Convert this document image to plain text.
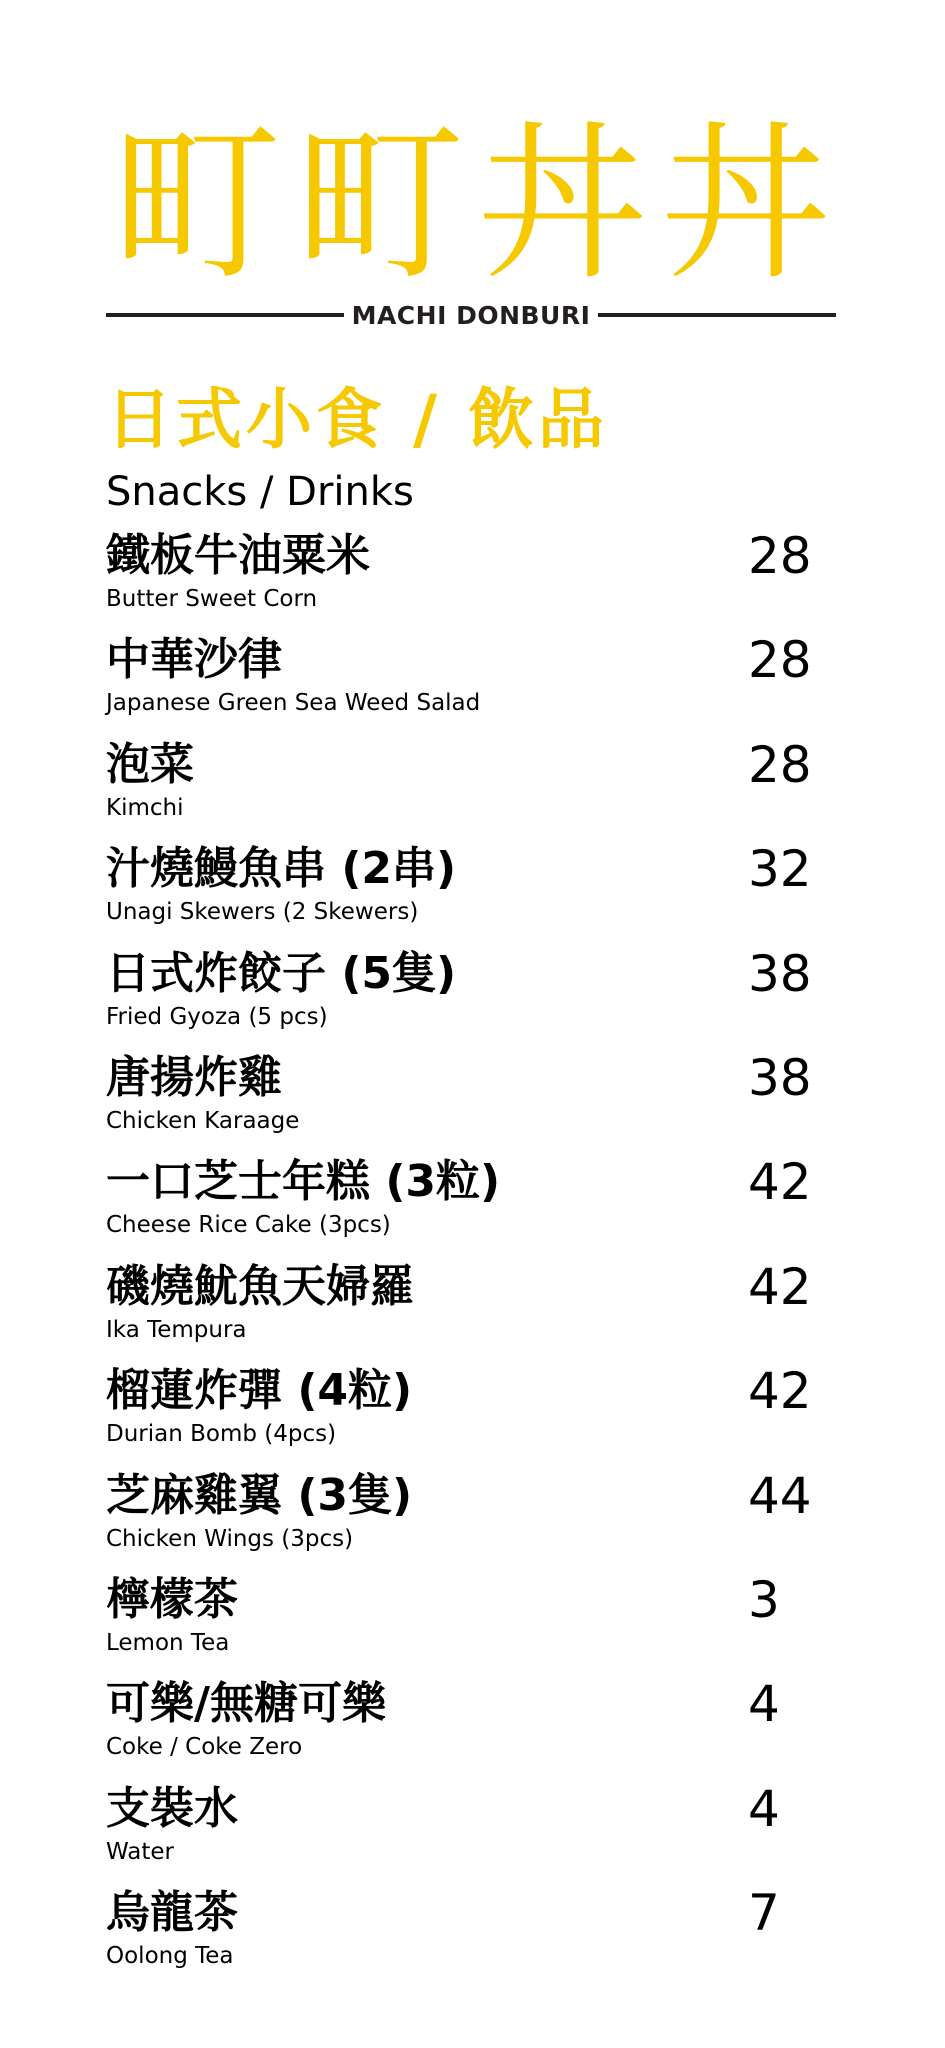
町 町 丼 丼
MACHI DONBURI
日式小食 / 飲品
Snacks / Drinks
鐵板牛油粟米
Butter Sweet Corn
28
中華沙律
Japanese Green Sea Weed Salad
28
泡菜
Kimchi
28
汁燒鰻魚串 (2串)
Unagi Skewers (2 Skewers)
32
日式炸餃子 (5隻)
Fried Gyoza (5 pcs)
38
唐揚炸雞
Chicken Karaage
38
一口芝士年糕 (3粒)
Cheese Rice Cake (3pcs)
42
磯燒魷魚天婦羅
Ika Tempura
42
榴蓮炸彈 (4粒)
Durian Bomb (4pcs)
42
芝麻雞翼 (3隻)
Chicken Wings (3pcs)
44
檸檬茶
Lemon Tea
3
可樂/無糖可樂
Coke / Coke Zero
4
支裝水
Water
4
烏龍茶
Oolong Tea
7
